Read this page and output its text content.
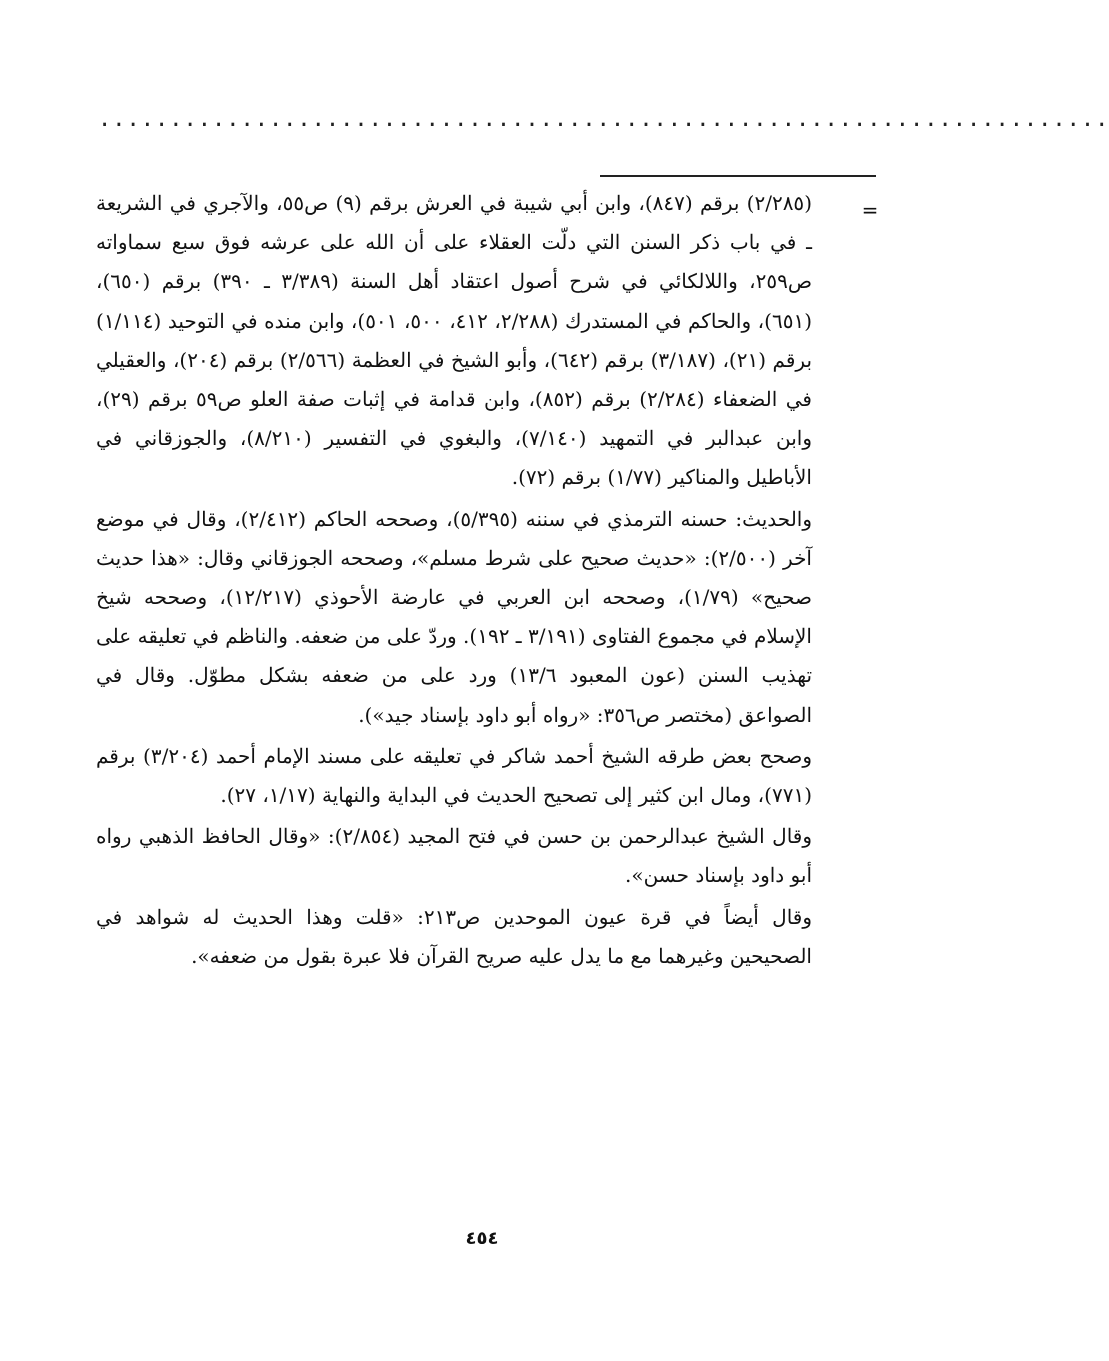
.......................................................................
=

(٢/٢٨٥) برقم (٨٤٧)، وابن أبي شيبة في العرش برقم (٩) ص٥٥، والآجري في الشريعة ـ في باب ذكر السنن التي دلّت العقلاء على أن الله على عرشه فوق سبع سماواته ص٢٥٩، واللالكائي في شرح أصول اعتقاد أهل السنة (٣/٣٨٩ ـ ٣٩٠) برقم (٦٥٠)، (٦٥١)، والحاكم في المستدرك (٢/٢٨٨، ٤١٢، ٥٠٠، ٥٠١)، وابن منده في التوحيد (١/١١٤) برقم (٢١)، (٣/١٨٧) برقم (٦٤٢)، وأبو الشيخ في العظمة (٢/٥٦٦) برقم (٢٠٤)، والعقيلي في الضعفاء (٢/٢٨٤) برقم (٨٥٢)، وابن قدامة في إثبات صفة العلو ص٥٩ برقم (٢٩)، وابن عبدالبر في التمهيد (٧/١٤٠)، والبغوي في التفسير (٨/٢١٠)، والجوزقاني في الأباطيل والمناكير (١/٧٧) برقم (٧٢).

والحديث: حسنه الترمذي في سننه (٥/٣٩٥)، وصححه الحاكم (٢/٤١٢)، وقال في موضع آخر (٢/٥٠٠): «حديث صحيح على شرط مسلم»، وصححه الجوزقاني وقال: «هذا حديث صحيح» (١/٧٩)، وصححه ابن العربي في عارضة الأحوذي (١٢/٢١٧)، وصححه شيخ الإسلام في مجموع الفتاوى (٣/١٩١ ـ ١٩٢). وردّ على من ضعفه. والناظم في تعليقه على تهذيب السنن (عون المعبود ١٣/٦) ورد على من ضعفه بشكل مطوّل. وقال في الصواعق (مختصر ص٣٥٦: «رواه أبو داود بإسناد جيد»).

وصحح بعض طرقه الشيخ أحمد شاكر في تعليقه على مسند الإمام أحمد (٣/٢٠٤) برقم (٧٧١)، ومال ابن كثير إلى تصحيح الحديث في البداية والنهاية (١/١٧، ٢٧).

وقال الشيخ عبدالرحمن بن حسن في فتح المجيد (٢/٨٥٤): «وقال الحافظ الذهبي رواه أبو داود بإسناد حسن».

وقال أيضاً في قرة عيون الموحدين ص٢١٣: «قلت وهذا الحديث له شواهد في الصحيحين وغيرهما مع ما يدل عليه صريح القرآن فلا عبرة بقول من ضعفه».

٤٥٤
